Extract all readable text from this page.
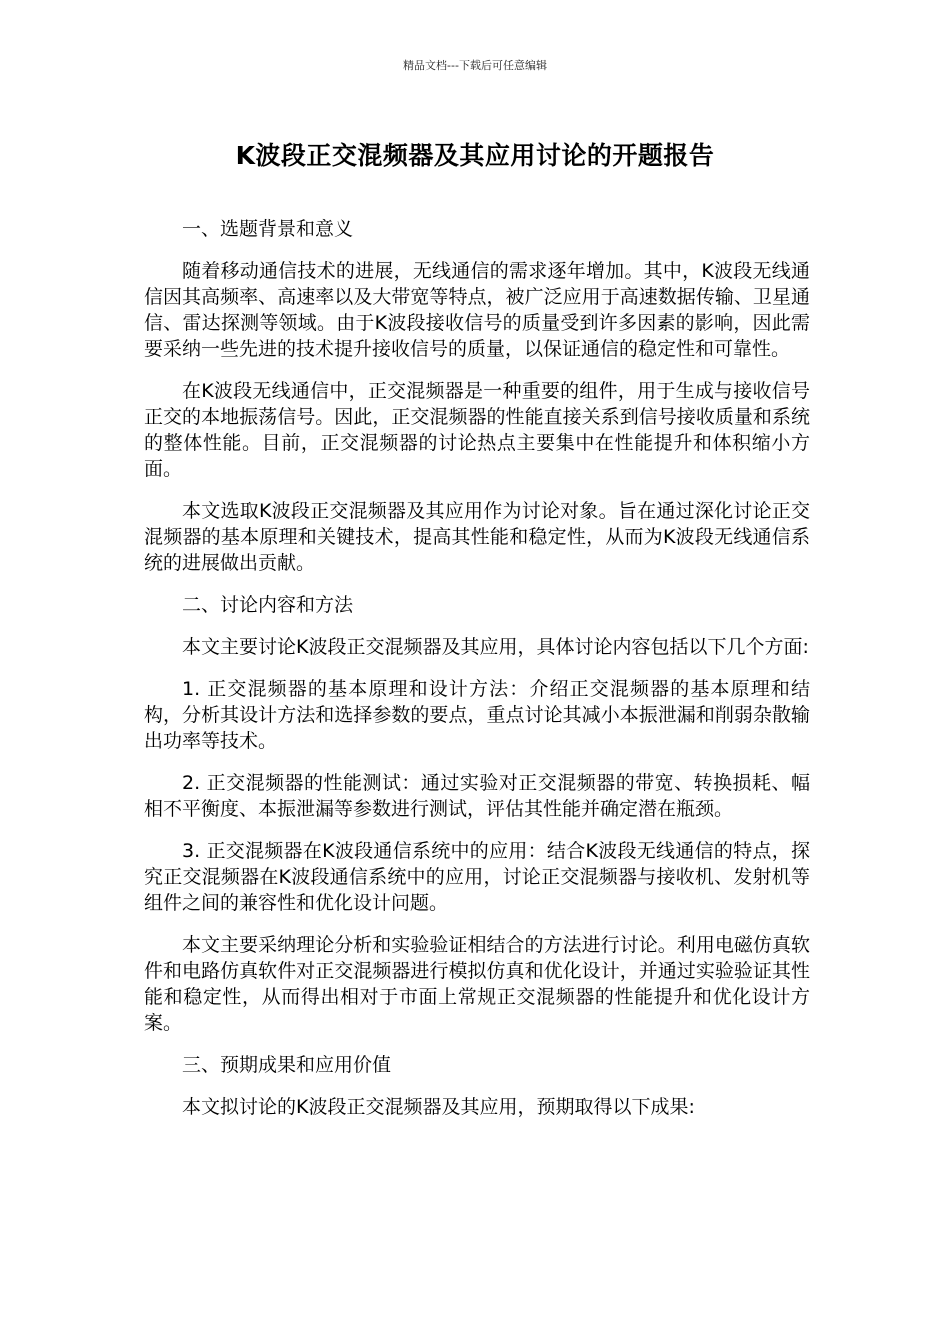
精品文档---下载后可任意编辑
K波段正交混频器及其应用讨论的开题报告

一、选题背景和意义

随着移动通信技术的进展，无线通信的需求逐年增加。其中，K波段无线通信因其高频率、高速率以及大带宽等特点，被广泛应用于高速数据传输、卫星通信、雷达探测等领域。由于K波段接收信号的质量受到许多因素的影响，因此需要采纳一些先进的技术提升接收信号的质量，以保证通信的稳定性和可靠性。

在K波段无线通信中，正交混频器是一种重要的组件，用于生成与接收信号正交的本地振荡信号。因此，正交混频器的性能直接关系到信号接收质量和系统的整体性能。目前，正交混频器的讨论热点主要集中在性能提升和体积缩小方面。

本文选取K波段正交混频器及其应用作为讨论对象。旨在通过深化讨论正交混频器的基本原理和关键技术，提高其性能和稳定性，从而为K波段无线通信系统的进展做出贡献。

二、讨论内容和方法

本文主要讨论K波段正交混频器及其应用，具体讨论内容包括以下几个方面:

1. 正交混频器的基本原理和设计方法：介绍正交混频器的基本原理和结构，分析其设计方法和选择参数的要点，重点讨论其减小本振泄漏和削弱杂散输出功率等技术。

2. 正交混频器的性能测试：通过实验对正交混频器的带宽、转换损耗、幅相不平衡度、本振泄漏等参数进行测试，评估其性能并确定潜在瓶颈。

3. 正交混频器在K波段通信系统中的应用：结合K波段无线通信的特点，探究正交混频器在K波段通信系统中的应用，讨论正交混频器与接收机、发射机等组件之间的兼容性和优化设计问题。

本文主要采纳理论分析和实验验证相结合的方法进行讨论。利用电磁仿真软件和电路仿真软件对正交混频器进行模拟仿真和优化设计，并通过实验验证其性能和稳定性，从而得出相对于市面上常规正交混频器的性能提升和优化设计方案。

三、预期成果和应用价值

本文拟讨论的K波段正交混频器及其应用，预期取得以下成果:
